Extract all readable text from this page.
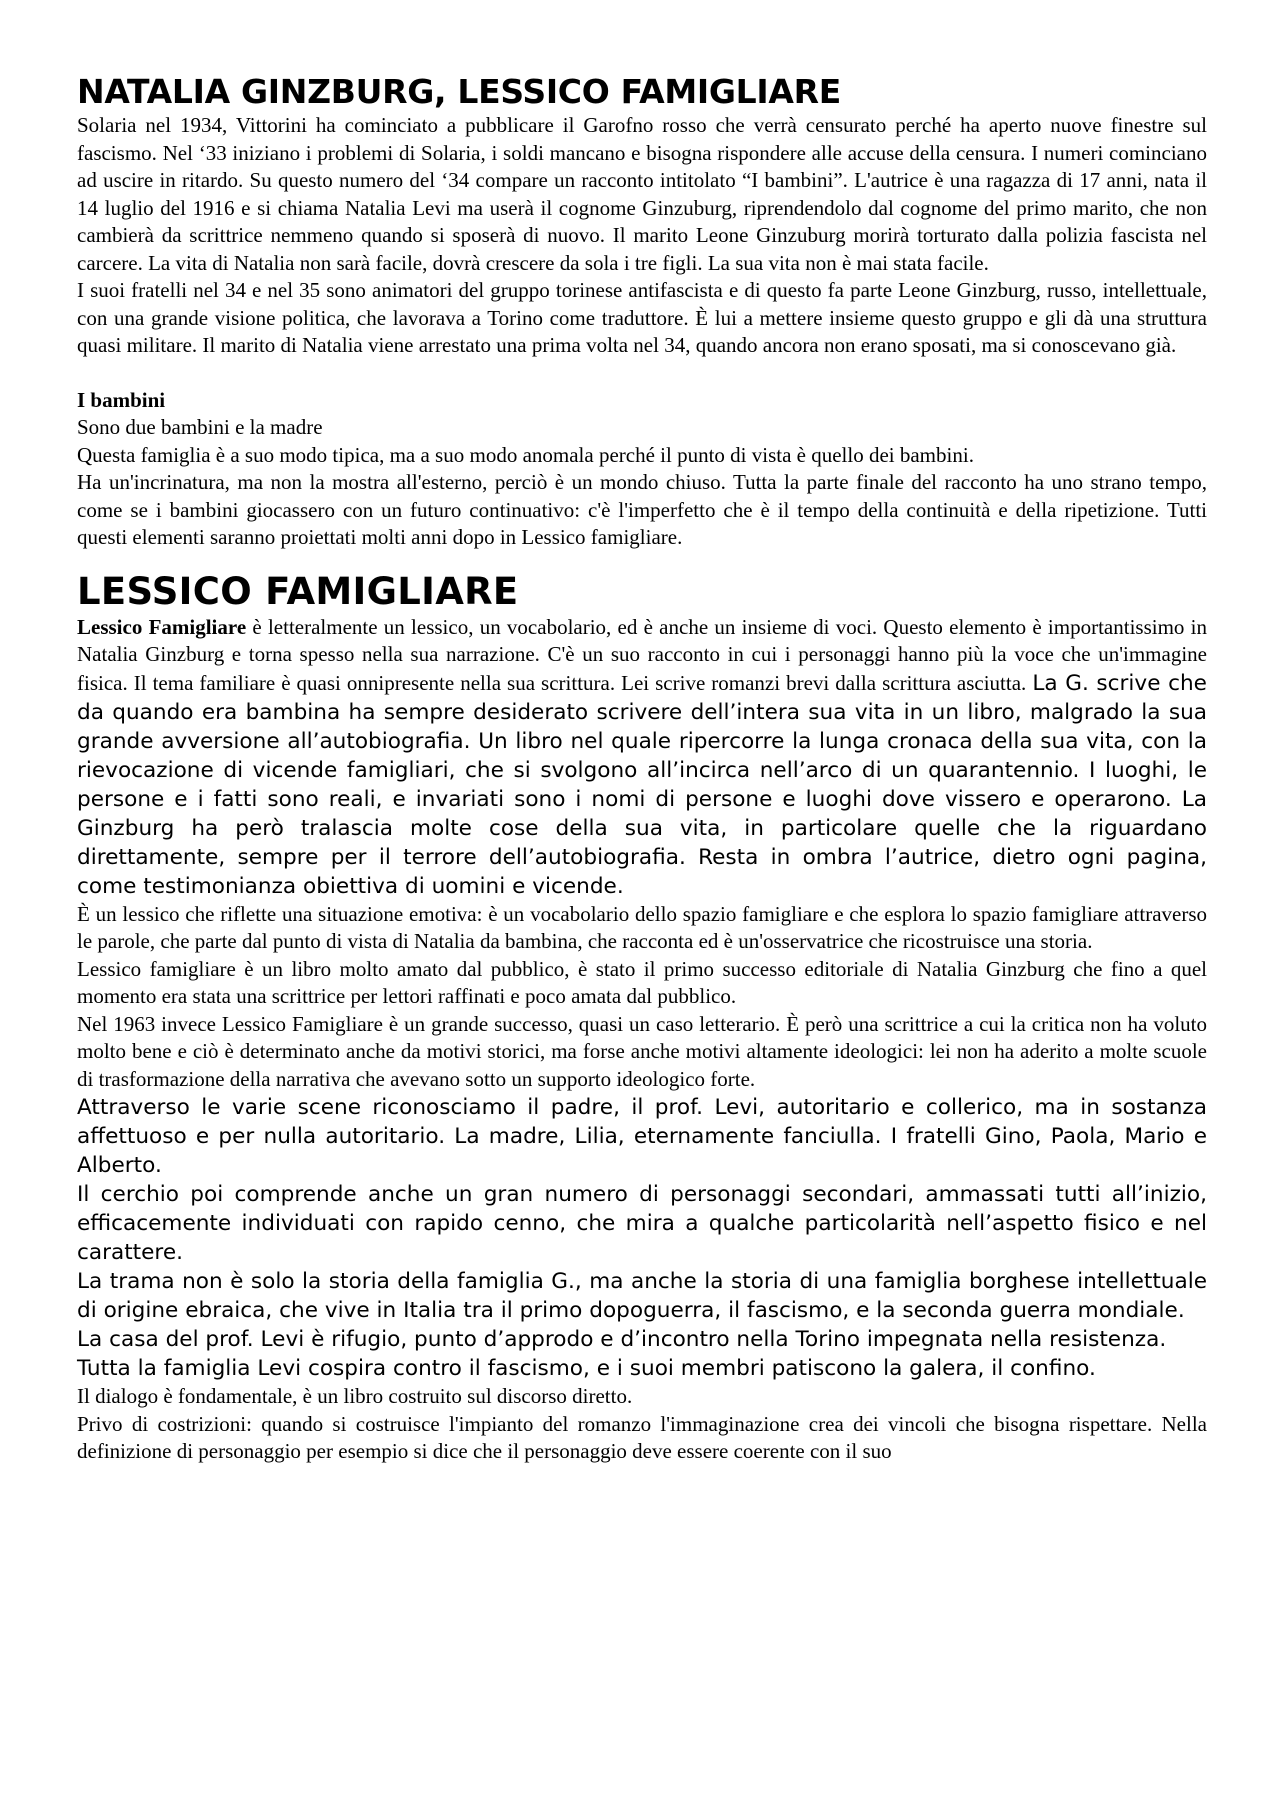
NATALIA GINZBURG, LESSICO FAMIGLIARE

Solaria nel 1934, Vittorini ha cominciato a pubblicare il Garofno rosso che verrà censurato perché ha aperto nuove finestre sul fascismo. Nel ‘33 iniziano i problemi di Solaria, i soldi mancano e bisogna rispondere alle accuse della censura. I numeri cominciano ad uscire in ritardo. Su questo numero del ‘34 compare un racconto intitolato “I bambini”. L'autrice è una ragazza di 17 anni, nata il 14 luglio del 1916 e si chiama Natalia Levi ma userà il cognome Ginzuburg, riprendendolo dal cognome del primo marito, che non cambierà da scrittrice nemmeno quando si sposerà di nuovo. Il marito Leone Ginzuburg morirà torturato dalla polizia fascista nel carcere. La vita di Natalia non sarà facile, dovrà crescere da sola i tre figli. La sua vita non è mai stata facile.

I suoi fratelli nel 34 e nel 35 sono animatori del gruppo torinese antifascista e di questo fa parte Leone Ginzburg, russo, intellettuale, con una grande visione politica, che lavorava a Torino come traduttore. È lui a mettere insieme questo gruppo e gli dà una struttura quasi militare. Il marito di Natalia viene arrestato una prima volta nel 34, quando ancora non erano sposati, ma si conoscevano già.

I bambini

Sono due bambini e la madre

Questa famiglia è a suo modo tipica, ma a suo modo anomala perché il punto di vista è quello dei bambini.

Ha un'incrinatura, ma non la mostra all'esterno, perciò è un mondo chiuso. Tutta la parte finale del racconto ha uno strano tempo, come se i bambini giocassero con un futuro continuativo: c'è l'imperfetto che è il tempo della continuità e della ripetizione. Tutti questi elementi saranno proiettati molti anni dopo in Lessico famigliare.

LESSICO FAMIGLIARE

Lessico Famigliare è letteralmente un lessico, un vocabolario, ed è anche un insieme di voci. Questo elemento è importantissimo in Natalia Ginzburg e torna spesso nella sua narrazione. C'è un suo racconto in cui i personaggi hanno più la voce che un'immagine fisica. Il tema familiare è quasi onnipresente nella sua scrittura. Lei scrive romanzi brevi dalla scrittura asciutta. La G. scrive che da quando era bambina ha sempre desiderato scrivere dell’intera sua vita in un libro, malgrado la sua grande avversione all’autobiografia. Un libro nel quale ripercorre la lunga cronaca della sua vita, con la rievocazione di vicende famigliari, che si svolgono all’incirca nell’arco di un quarantennio. I luoghi, le persone e i fatti sono reali, e invariati sono i nomi di persone e luoghi dove vissero e operarono. La Ginzburg ha però tralascia molte cose della sua vita, in particolare quelle che la riguardano direttamente, sempre per il terrore dell’autobiografia. Resta in ombra l’autrice, dietro ogni pagina, come testimonianza obiettiva di uomini e vicende.

È un lessico che riflette una situazione emotiva: è un vocabolario dello spazio famigliare e che esplora lo spazio famigliare attraverso le parole, che parte dal punto di vista di Natalia da bambina, che racconta ed è un'osservatrice che ricostruisce una storia.

Lessico famigliare è un libro molto amato dal pubblico, è stato il primo successo editoriale di Natalia Ginzburg che fino a quel momento era stata una scrittrice per lettori raffinati e poco amata dal pubblico.

Nel 1963 invece Lessico Famigliare è un grande successo, quasi un caso letterario. È però una scrittrice a cui la critica non ha voluto molto bene e ciò è determinato anche da motivi storici, ma forse anche motivi altamente ideologici: lei non ha aderito a molte scuole di trasformazione della narrativa che avevano sotto un supporto ideologico forte.

Attraverso le varie scene riconosciamo il padre, il prof. Levi, autoritario e collerico, ma in sostanza affettuoso e per nulla autoritario. La madre, Lilia, eternamente fanciulla. I fratelli Gino, Paola, Mario e Alberto.

Il cerchio poi comprende anche un gran numero di personaggi secondari, ammassati tutti all’inizio, efficacemente individuati con rapido cenno, che mira a qualche particolarità nell’aspetto fisico e nel carattere.

La trama non è solo la storia della famiglia G., ma anche la storia di una famiglia borghese intellettuale di origine ebraica, che vive in Italia tra il primo dopoguerra, il fascismo, e la seconda guerra mondiale.

La casa del prof. Levi è rifugio, punto d’approdo e d’incontro nella Torino impegnata nella resistenza.

Tutta la famiglia Levi cospira contro il fascismo, e i suoi membri patiscono la galera, il confino.

Il dialogo è fondamentale, è un libro costruito sul discorso diretto.

Privo di costrizioni: quando si costruisce l'impianto del romanzo l'immaginazione crea dei vincoli che bisogna rispettare. Nella definizione di personaggio per esempio si dice che il personaggio deve essere coerente con il suo
